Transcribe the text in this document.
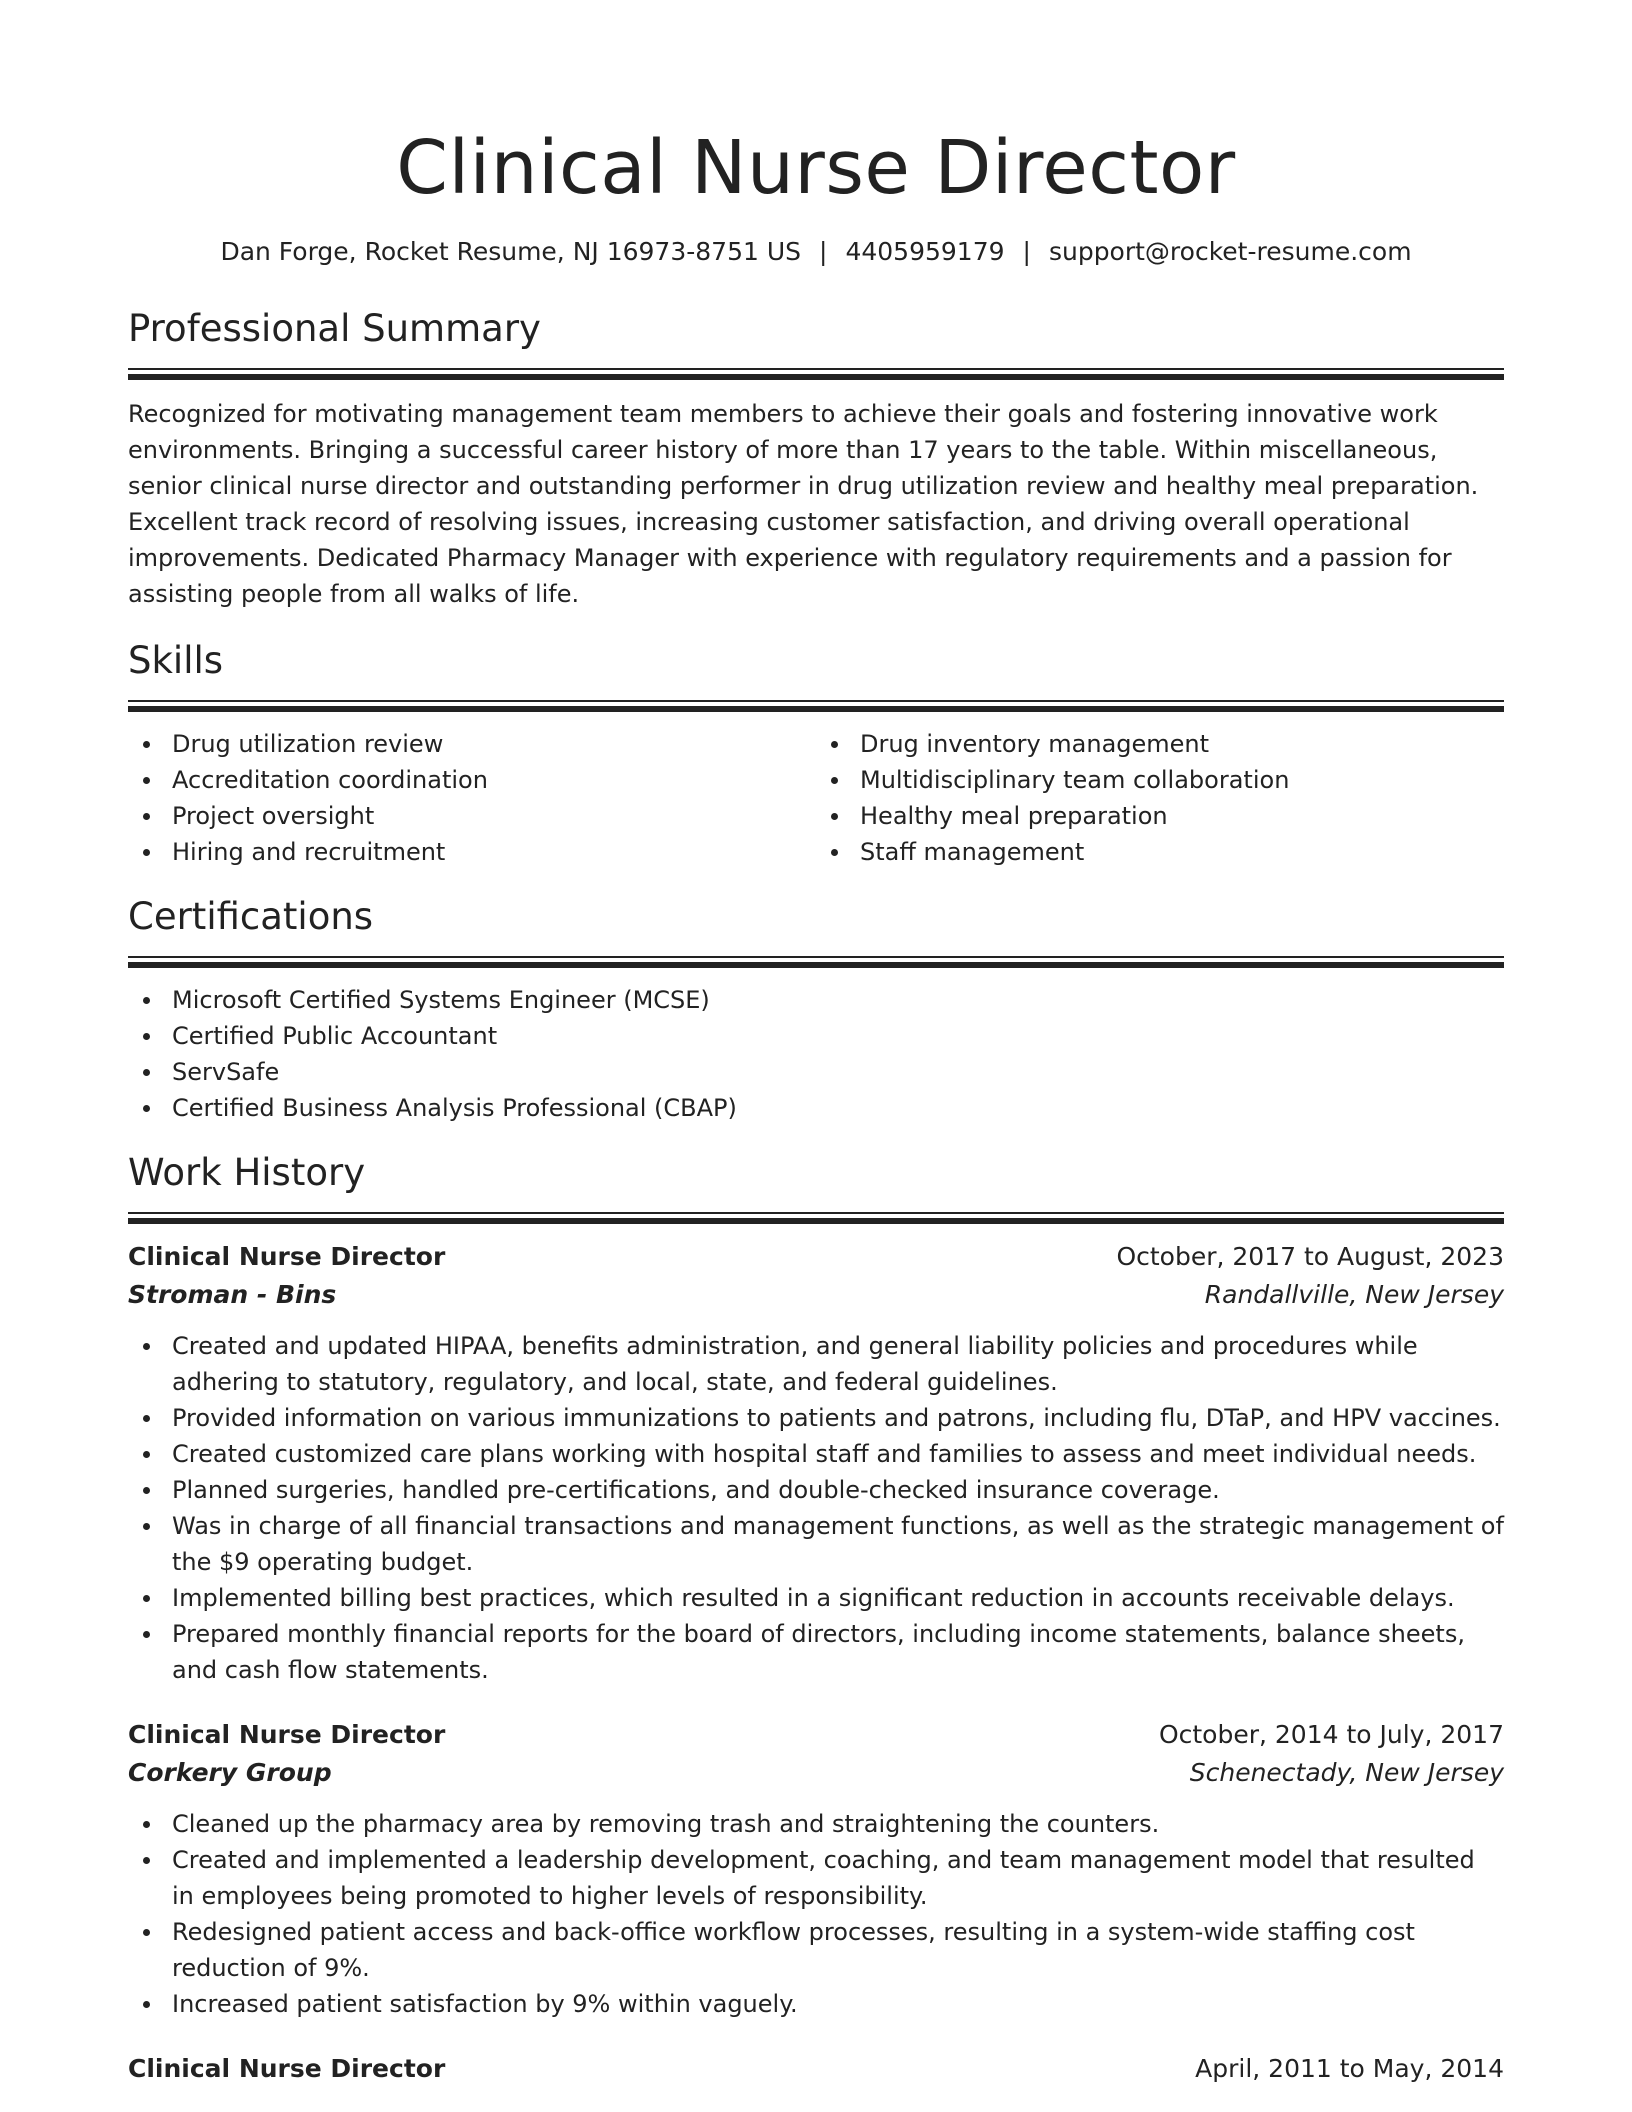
Clinical Nurse Director
Dan Forge, Rocket Resume, NJ 16973-8751 US | 4405959179 | support@rocket-resume.com
Professional Summary
Recognized for motivating management team members to achieve their goals and fostering innovative work environments. Bringing a successful career history of more than 17 years to the table. Within miscellaneous, senior clinical nurse director and outstanding performer in drug utilization review and healthy meal preparation. Excellent track record of resolving issues, increasing customer satisfaction, and driving overall operational improvements. Dedicated Pharmacy Manager with experience with regulatory requirements and a passion for assisting people from all walks of life.
Skills
Drug utilization review
Accreditation coordination
Project oversight
Hiring and recruitment
Drug inventory management
Multidisciplinary team collaboration
Healthy meal preparation
Staff management
Certifications
Microsoft Certified Systems Engineer (MCSE)
Certified Public Accountant
ServSafe
Certified Business Analysis Professional (CBAP)
Work History
Clinical Nurse Director	October, 2017 to August, 2023
Stroman - Bins	Randallville, New Jersey
Created and updated HIPAA, benefits administration, and general liability policies and procedures while adhering to statutory, regulatory, and local, state, and federal guidelines.
Provided information on various immunizations to patients and patrons, including flu, DTaP, and HPV vaccines.
Created customized care plans working with hospital staff and families to assess and meet individual needs.
Planned surgeries, handled pre-certifications, and double-checked insurance coverage.
Was in charge of all financial transactions and management functions, as well as the strategic management of the $9 operating budget.
Implemented billing best practices, which resulted in a significant reduction in accounts receivable delays.
Prepared monthly financial reports for the board of directors, including income statements, balance sheets, and cash flow statements.
Clinical Nurse Director	October, 2014 to July, 2017
Corkery Group	Schenectady, New Jersey
Cleaned up the pharmacy area by removing trash and straightening the counters.
Created and implemented a leadership development, coaching, and team management model that resulted in employees being promoted to higher levels of responsibility.
Redesigned patient access and back-office workflow processes, resulting in a system-wide staffing cost reduction of 9%.
Increased patient satisfaction by 9% within vaguely.
Clinical Nurse Director	April, 2011 to May, 2014
